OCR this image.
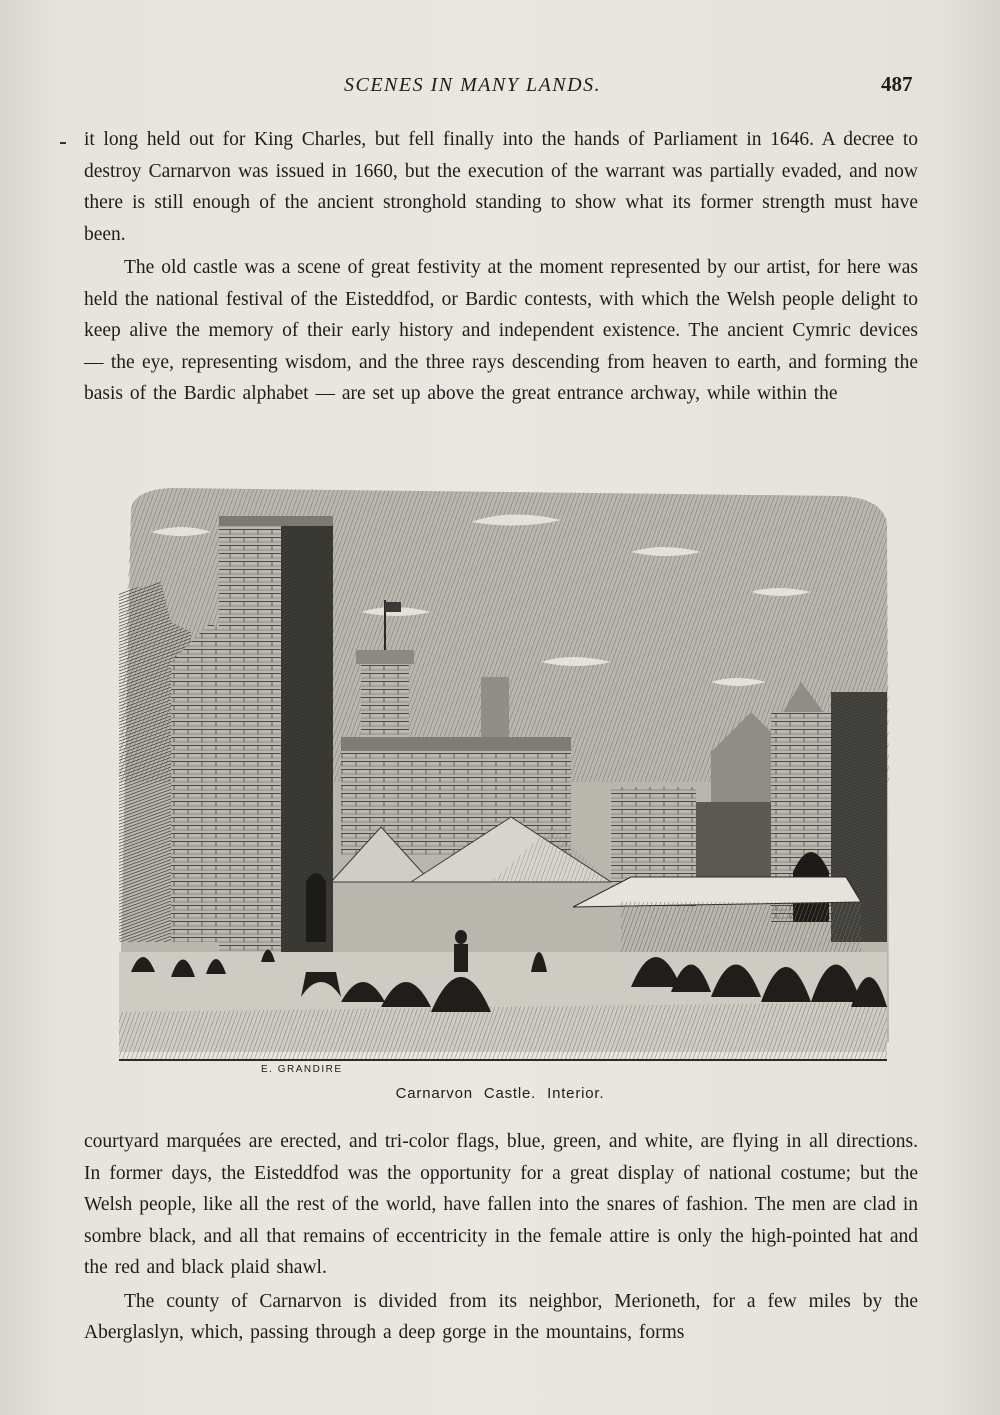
SCENES IN MANY LANDS.	487

it long held out for King Charles, but fell finally into the hands of Parliament in 1646. A decree to destroy Carnarvon was issued in 1660, but the execution of the warrant was partially evaded, and now there is still enough of the ancient stronghold standing to show what its former strength must have been.

The old castle was a scene of great festivity at the moment represented by our artist, for here was held the national festival of the Eisteddfod, or Bardic contests, with which the Welsh people delight to keep alive the memory of their early history and independent existence. The ancient Cymric devices — the eye, representing wisdom, and the three rays descending from heaven to earth, and forming the basis of the Bardic alphabet — are set up above the great entrance archway, while within the

E. GRANDIRE
Carnarvon Castle. Interior.

courtyard marquées are erected, and tri-color flags, blue, green, and white, are flying in all directions. In former days, the Eisteddfod was the opportunity for a great display of national costume; but the Welsh people, like all the rest of the world, have fallen into the snares of fashion. The men are clad in sombre black, and all that remains of eccentricity in the female attire is only the high-pointed hat and the red and black plaid shawl.

The county of Carnarvon is divided from its neighbor, Merioneth, for a few miles by the Aberglaslyn, which, passing through a deep gorge in the mountains, forms
